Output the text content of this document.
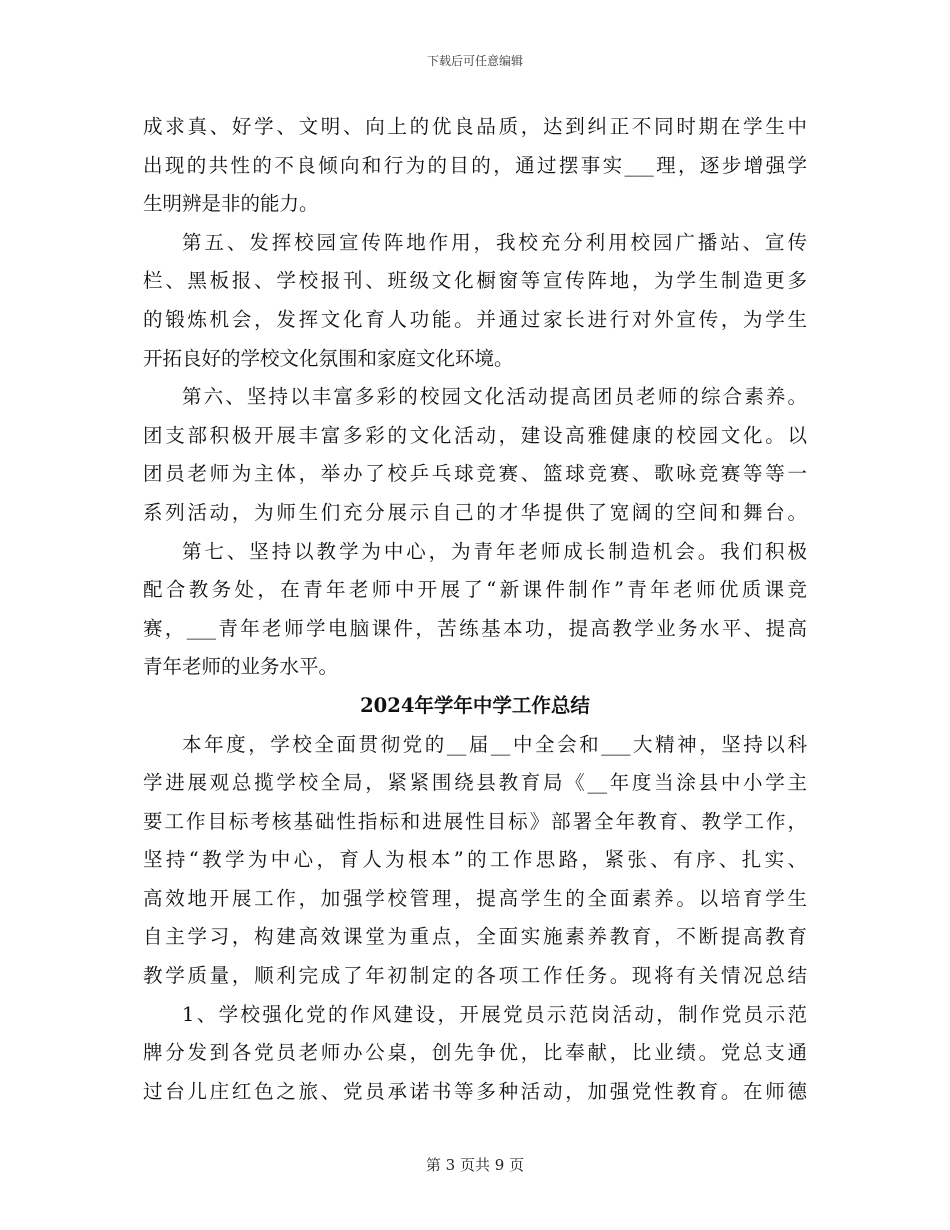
下载后可任意编辑
成求真、好学、文明、向上的优良品质，达到纠正不同时期在学生中
出现的共性的不良倾向和行为的目的，通过摆事实___理，逐步增强学
生明辨是非的能力。
第五、发挥校园宣传阵地作用，我校充分利用校园广播站、宣传
栏、黑板报、学校报刊、班级文化橱窗等宣传阵地，为学生制造更多
的锻炼机会，发挥文化育人功能。并通过家长进行对外宣传，为学生
开拓良好的学校文化氛围和家庭文化环境。
第六、坚持以丰富多彩的校园文化活动提高团员老师的综合素养。
团支部积极开展丰富多彩的文化活动，建设高雅健康的校园文化。以
团员老师为主体，举办了校乒乓球竞赛、篮球竞赛、歌咏竞赛等等一
系列活动，为师生们充分展示自己的才华提供了宽阔的空间和舞台。
第七、坚持以教学为中心，为青年老师成长制造机会。我们积极
配合教务处，在青年老师中开展了“新课件制作”青年老师优质课竞
赛，___青年老师学电脑课件，苦练基本功，提高教学业务水平、提高
青年老师的业务水平。
2024年学年中学工作总结
本年度，学校全面贯彻党的__届__中全会和___大精神，坚持以科
学进展观总揽学校全局，紧紧围绕县教育局《__年度当涂县中小学主
要工作目标考核基础性指标和进展性目标》部署全年教育、教学工作，
坚持“教学为中心，育人为根本”的工作思路，紧张、有序、扎实、
高效地开展工作，加强学校管理，提高学生的全面素养。以培育学生
自主学习，构建高效课堂为重点，全面实施素养教育，不断提高教育
教学质量，顺利完成了年初制定的各项工作任务。现将有关情况总结
1、学校强化党的作风建设，开展党员示范岗活动，制作党员示范
牌分发到各党员老师办公桌，创先争优，比奉献，比业绩。党总支通
过台儿庄红色之旅、党员承诺书等多种活动，加强党性教育。在师德
第 3 页共 9 页
